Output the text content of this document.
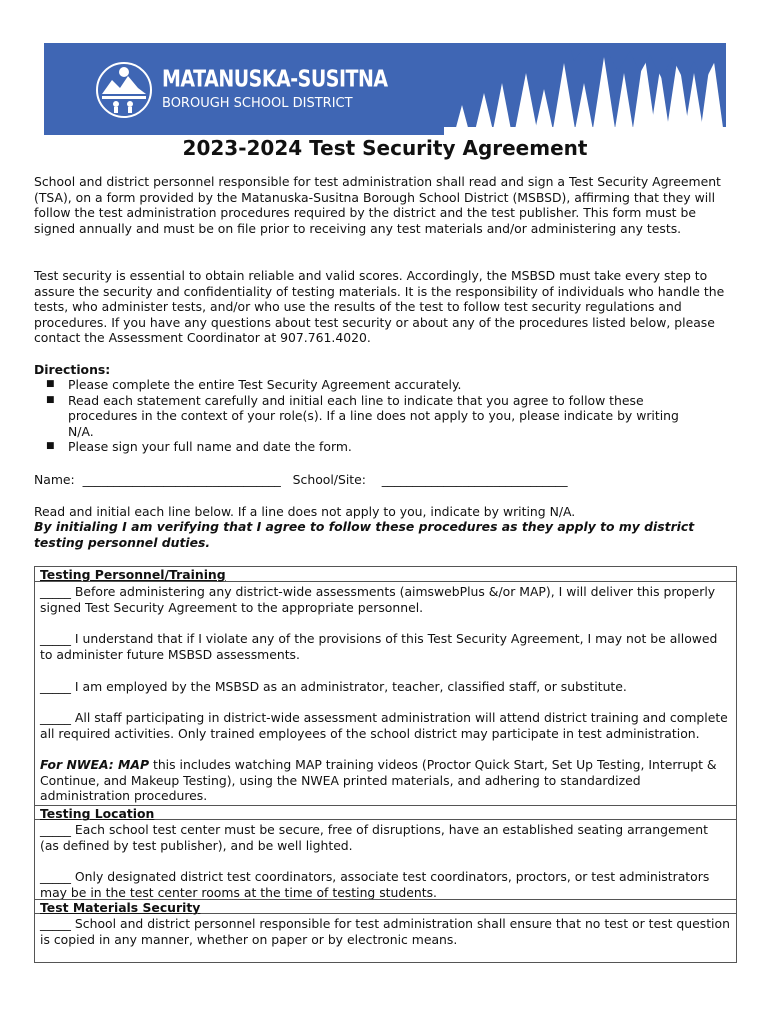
MATANUSKA-SUSITNA
BOROUGH SCHOOL DISTRICT
2023-2024 Test Security Agreement

School and district personnel responsible for test administration shall read and sign a Test Security Agreement (TSA), on a form provided by the Matanuska-Susitna Borough School District (MSBSD), affirming that they will follow the test administration procedures required by the district and the test publisher. This form must be signed annually and must be on file prior to receiving any test materials and/or administering any tests.

Test security is essential to obtain reliable and valid scores. Accordingly, the MSBSD must take every step to assure the security and confidentiality of testing materials. It is the responsibility of individuals who handle the tests, who administer tests, and/or who use the results of the test to follow test security regulations and procedures. If you have any questions about test security or about any of the procedures listed below, please contact the Assessment Coordinator at 907.761.4020.

Directions:
■ Please complete the entire Test Security Agreement accurately.
■ Read each statement carefully and initial each line to indicate that you agree to follow these procedures in the context of your role(s). If a line does not apply to you, please indicate by writing N/A.
■ Please sign your full name and date the form.
Name:  ________________________________   School/Site:    ______________________________
Read and initial each line below. If a line does not apply to you, indicate by writing N/A.
By initialing I am verifying that I agree to follow these procedures as they apply to my district testing personnel duties.
Testing Personnel/Training

_____ Before administering any district-wide assessments (aimswebPlus &/or MAP), I will deliver this properly signed Test Security Agreement to the appropriate personnel.

_____ I understand that if I violate any of the provisions of this Test Security Agreement, I may not be allowed to administer future MSBSD assessments.

_____ I am employed by the MSBSD as an administrator, teacher, classified staff, or substitute.

_____ All staff participating in district-wide assessment administration will attend district training and complete all required activities. Only trained employees of the school district may participate in test administration.

For NWEA: MAP this includes watching MAP training videos (Proctor Quick Start, Set Up Testing, Interrupt & Continue, and Makeup Testing), using the NWEA printed materials, and adhering to standardized administration procedures.

Testing Location

_____ Each school test center must be secure, free of disruptions, have an established seating arrangement (as defined by test publisher), and be well lighted.

_____ Only designated district test coordinators, associate test coordinators, proctors, or test administrators may be in the test center rooms at the time of testing students.

Test Materials Security

_____ School and district personnel responsible for test administration shall ensure that no test or test question is copied in any manner, whether on paper or by electronic means.
